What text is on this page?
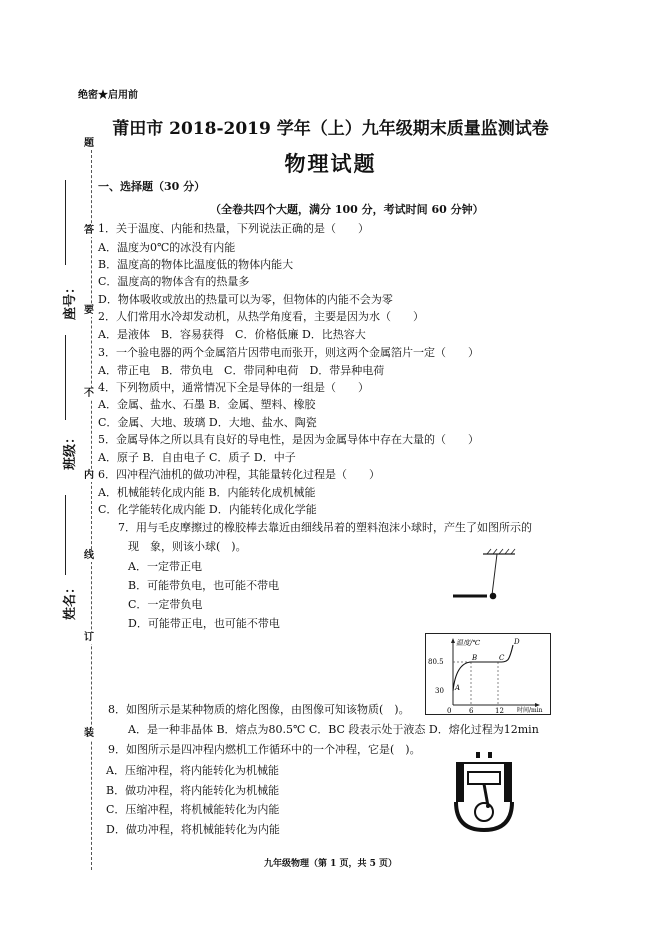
题
答
要
不
内
线
订
装
座号：
班级：
姓名：
绝密★启用前
莆田市 2018-2019 学年（上）九年级期末质量监测试卷
物理试题
一、选择题（30 分）
（全卷共四个大题，满分 100 分，考试时间 60 分钟）
1．关于温度、内能和热量，下列说法正确的是（　　）
A．温度为0℃的冰没有内能
B．温度高的物体比温度低的物体内能大
C．温度高的物体含有的热量多
D．物体吸收或放出的热量可以为零，但物体的内能不会为零
2．人们常用水冷却发动机，从热学角度看，主要是因为水（　　）
A．是液体　B．容易获得　C．价格低廉 D．比热容大
3．一个验电器的两个金属箔片因带电而张开，则这两个金属箔片一定（　　）
A．带正电　B．带负电　C．带同种电荷　D．带异种电荷
4．下列物质中，通常情况下全是导体的一组是（　　）
A．金属、盐水、石墨 B．金属、塑料、橡胶
C．金属、大地、玻璃 D．大地、盐水、陶瓷
5．金属导体之所以具有良好的导电性，是因为金属导体中存在大量的（　　）
A．原子 B．自由电子 C．质子 D．中子
6．四冲程汽油机的做功冲程，其能量转化过程是（　　）
A．机械能转化成内能 B．内能转化成机械能
C．化学能转化成内能 D．内能转化成化学能
7．用与毛皮摩擦过的橡胶棒去靠近由细线吊着的塑料泡沫小球时，产生了如图所示的
现　象，则该小球(　)。
A．一定带正电
B．可能带负电，也可能不带电
C．一定带负电
D．可能带正电，也可能不带电
温度/℃
时间/min
80.5
30
0	6	12
A
B	C
D
8．如图所示是某种物质的熔化图像，由图像可知该物质(　)。
A．是一种非晶体 B．熔点为80.5℃ C．BC 段表示处于液态 D．熔化过程为12min
9．如图所示是四冲程内燃机工作循环中的一个冲程，它是(　)。
A．压缩冲程，将内能转化为机械能
B．做功冲程，将内能转化为机械能
C．压缩冲程，将机械能转化为内能
D．做功冲程，将机械能转化为内能
九年级物理（第 1 页，共 5 页）
